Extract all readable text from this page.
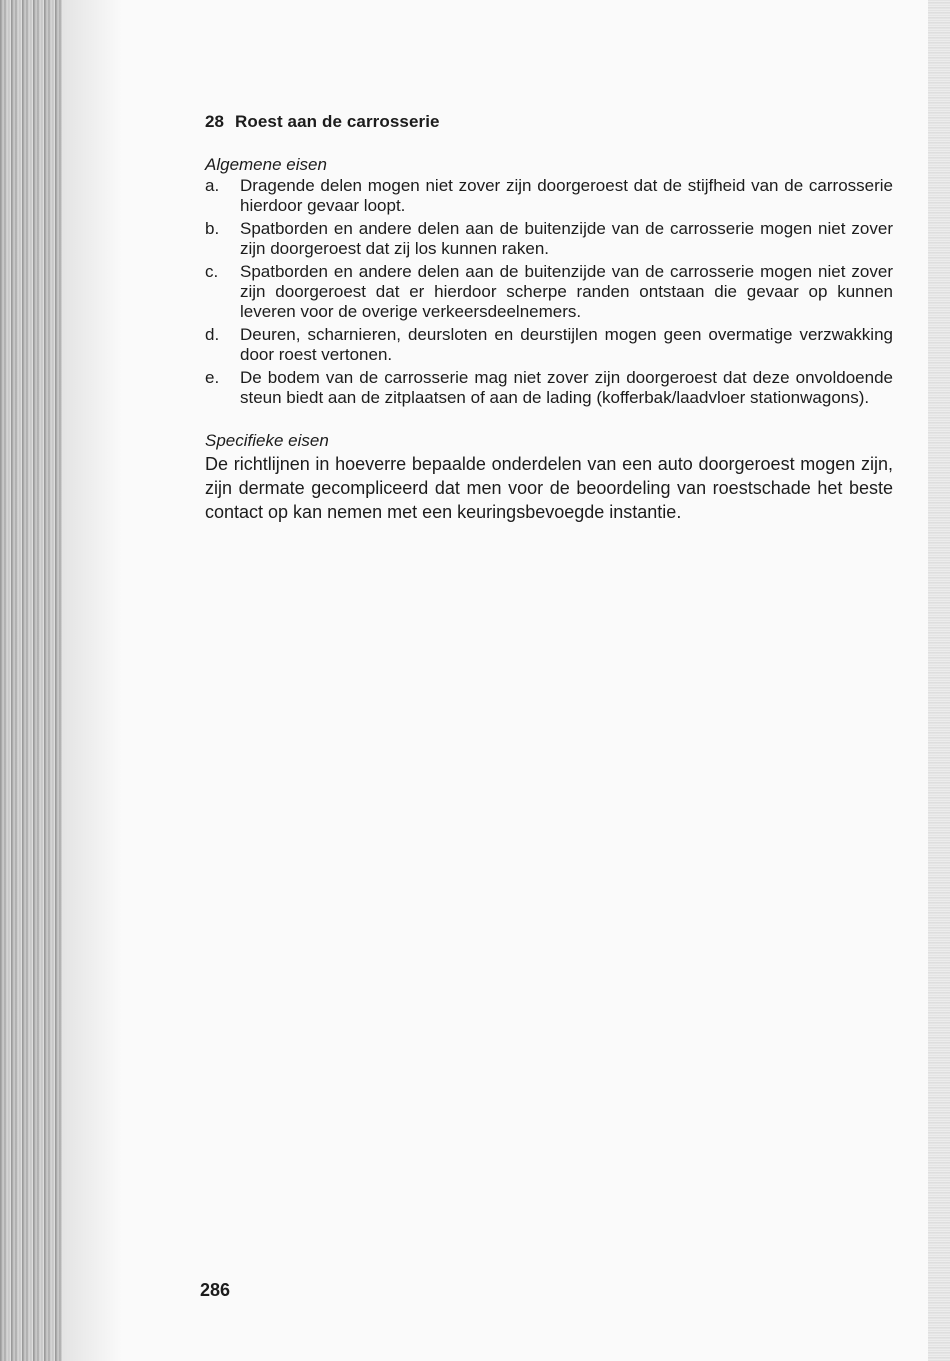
28 Roest aan de carrosserie
Algemene eisen
a. Dragende delen mogen niet zover zijn doorgeroest dat de stijfheid van de carrosserie hierdoor gevaar loopt.
b. Spatborden en andere delen aan de buitenzijde van de carrosserie mogen niet zover zijn doorgeroest dat zij los kunnen raken.
c. Spatborden en andere delen aan de buitenzijde van de carrosserie mogen niet zover zijn doorgeroest dat er hierdoor scherpe randen ontstaan die gevaar op kunnen leveren voor de overige verkeersdeelnemers.
d. Deuren, scharnieren, deursloten en deurstijlen mogen geen overmatige verzwakking door roest vertonen.
e. De bodem van de carrosserie mag niet zover zijn doorgeroest dat deze onvoldoende steun biedt aan de zitplaatsen of aan de lading (kofferbak/laadvloer stationwagons).
Specifieke eisen

De richtlijnen in hoeverre bepaalde onderdelen van een auto doorgeroest mogen zijn, zijn dermate gecompliceerd dat men voor de beoordeling van roestschade het beste contact op kan nemen met een keuringsbevoegde instantie.

286
